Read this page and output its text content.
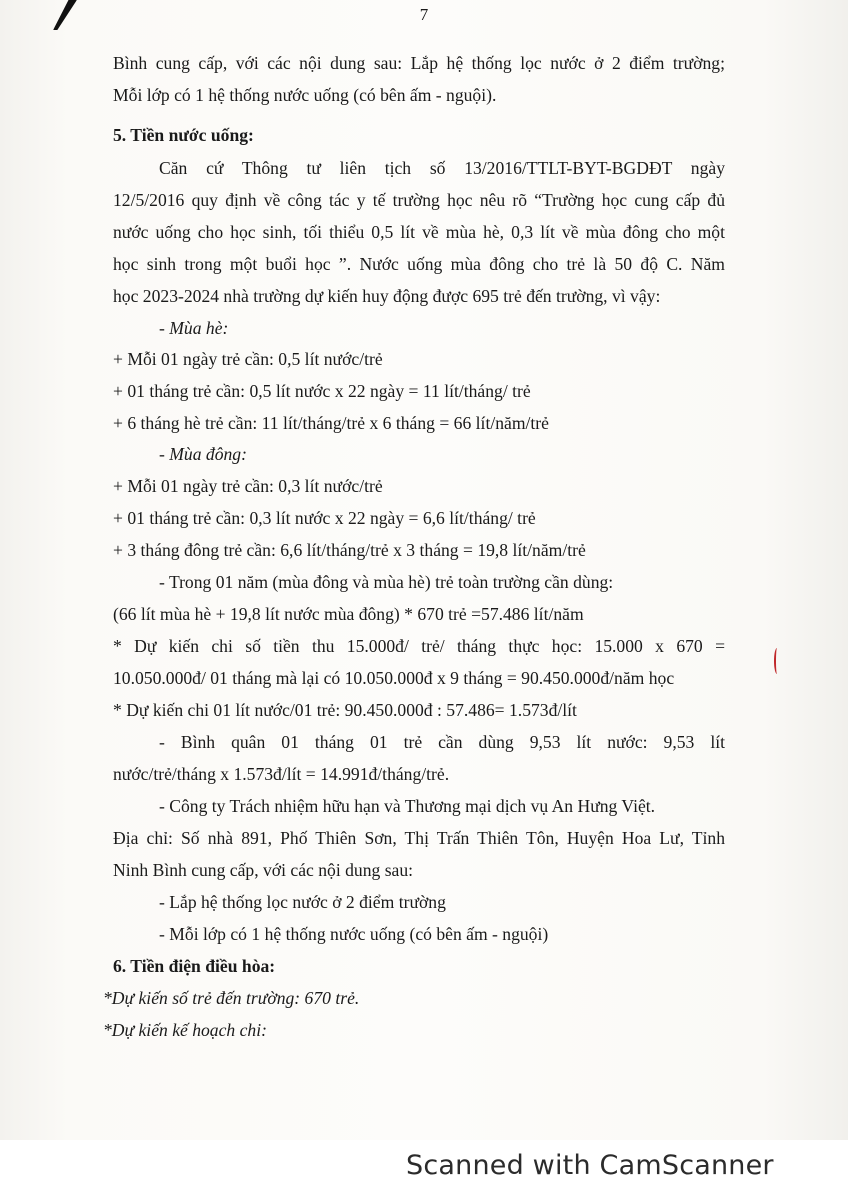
7
Bình cung cấp, với các nội dung sau: Lắp hệ thống lọc nước ở 2 điểm trường;
Mỗi lớp có 1 hệ thống nước uống (có bên ấm - nguội).
5. Tiền nước uống:
Căn cứ Thông tư liên tịch số 13/2016/TTLT-BYT-BGDĐT ngày
12/5/2016 quy định về công tác y tế trường học nêu rõ “Trường học cung cấp đủ
nước uống cho học sinh, tối thiểu 0,5 lít về mùa hè, 0,3 lít về mùa đông cho một
học sinh trong một buổi học ”. Nước uống mùa đông cho trẻ là 50 độ C. Năm
học 2023-2024 nhà trường dự kiến huy động được 695 trẻ đến trường, vì vậy:
- Mùa hè:
+ Mỗi 01 ngày trẻ cần: 0,5 lít nước/trẻ
+ 01 tháng trẻ cần: 0,5 lít nước x 22 ngày = 11 lít/tháng/ trẻ
+ 6 tháng hè trẻ cần: 11 lít/tháng/trẻ x 6 tháng = 66 lít/năm/trẻ
- Mùa đông:
+ Mỗi 01 ngày trẻ cần: 0,3 lít nước/trẻ
+ 01 tháng trẻ cần: 0,3 lít nước x 22 ngày = 6,6 lít/tháng/ trẻ
+ 3 tháng đông trẻ cần: 6,6 lít/tháng/trẻ x 3 tháng = 19,8 lít/năm/trẻ
- Trong 01 năm (mùa đông và mùa hè) trẻ toàn trường cần dùng:
(66 lít mùa hè + 19,8 lít nước mùa đông) * 670 trẻ =57.486 lít/năm
* Dự kiến chi số tiền thu 15.000đ/ trẻ/ tháng thực học: 15.000 x 670 =
10.050.000đ/ 01 tháng mà lại có 10.050.000đ x 9 tháng = 90.450.000đ/năm học
* Dự kiến chi 01 lít nước/01 trẻ: 90.450.000đ : 57.486= 1.573đ/lít
- Bình quân 01 tháng 01 trẻ cần dùng 9,53 lít nước: 9,53 lít
nước/trẻ/tháng x 1.573đ/lít = 14.991đ/tháng/trẻ.
- Công ty Trách nhiệm hữu hạn và Thương mại dịch vụ An Hưng Việt.
Địa chỉ: Số nhà 891, Phố Thiên Sơn, Thị Trấn Thiên Tôn, Huyện Hoa Lư, Tỉnh
Ninh Bình cung cấp, với các nội dung sau:
- Lắp hệ thống lọc nước ở 2 điểm trường
- Mỗi lớp có 1 hệ thống nước uống (có bên ấm - nguội)
6. Tiền điện điều hòa:
*Dự kiến số trẻ đến trường: 670 trẻ.
*Dự kiến kế hoạch chi:
Scanned with CamScanner
